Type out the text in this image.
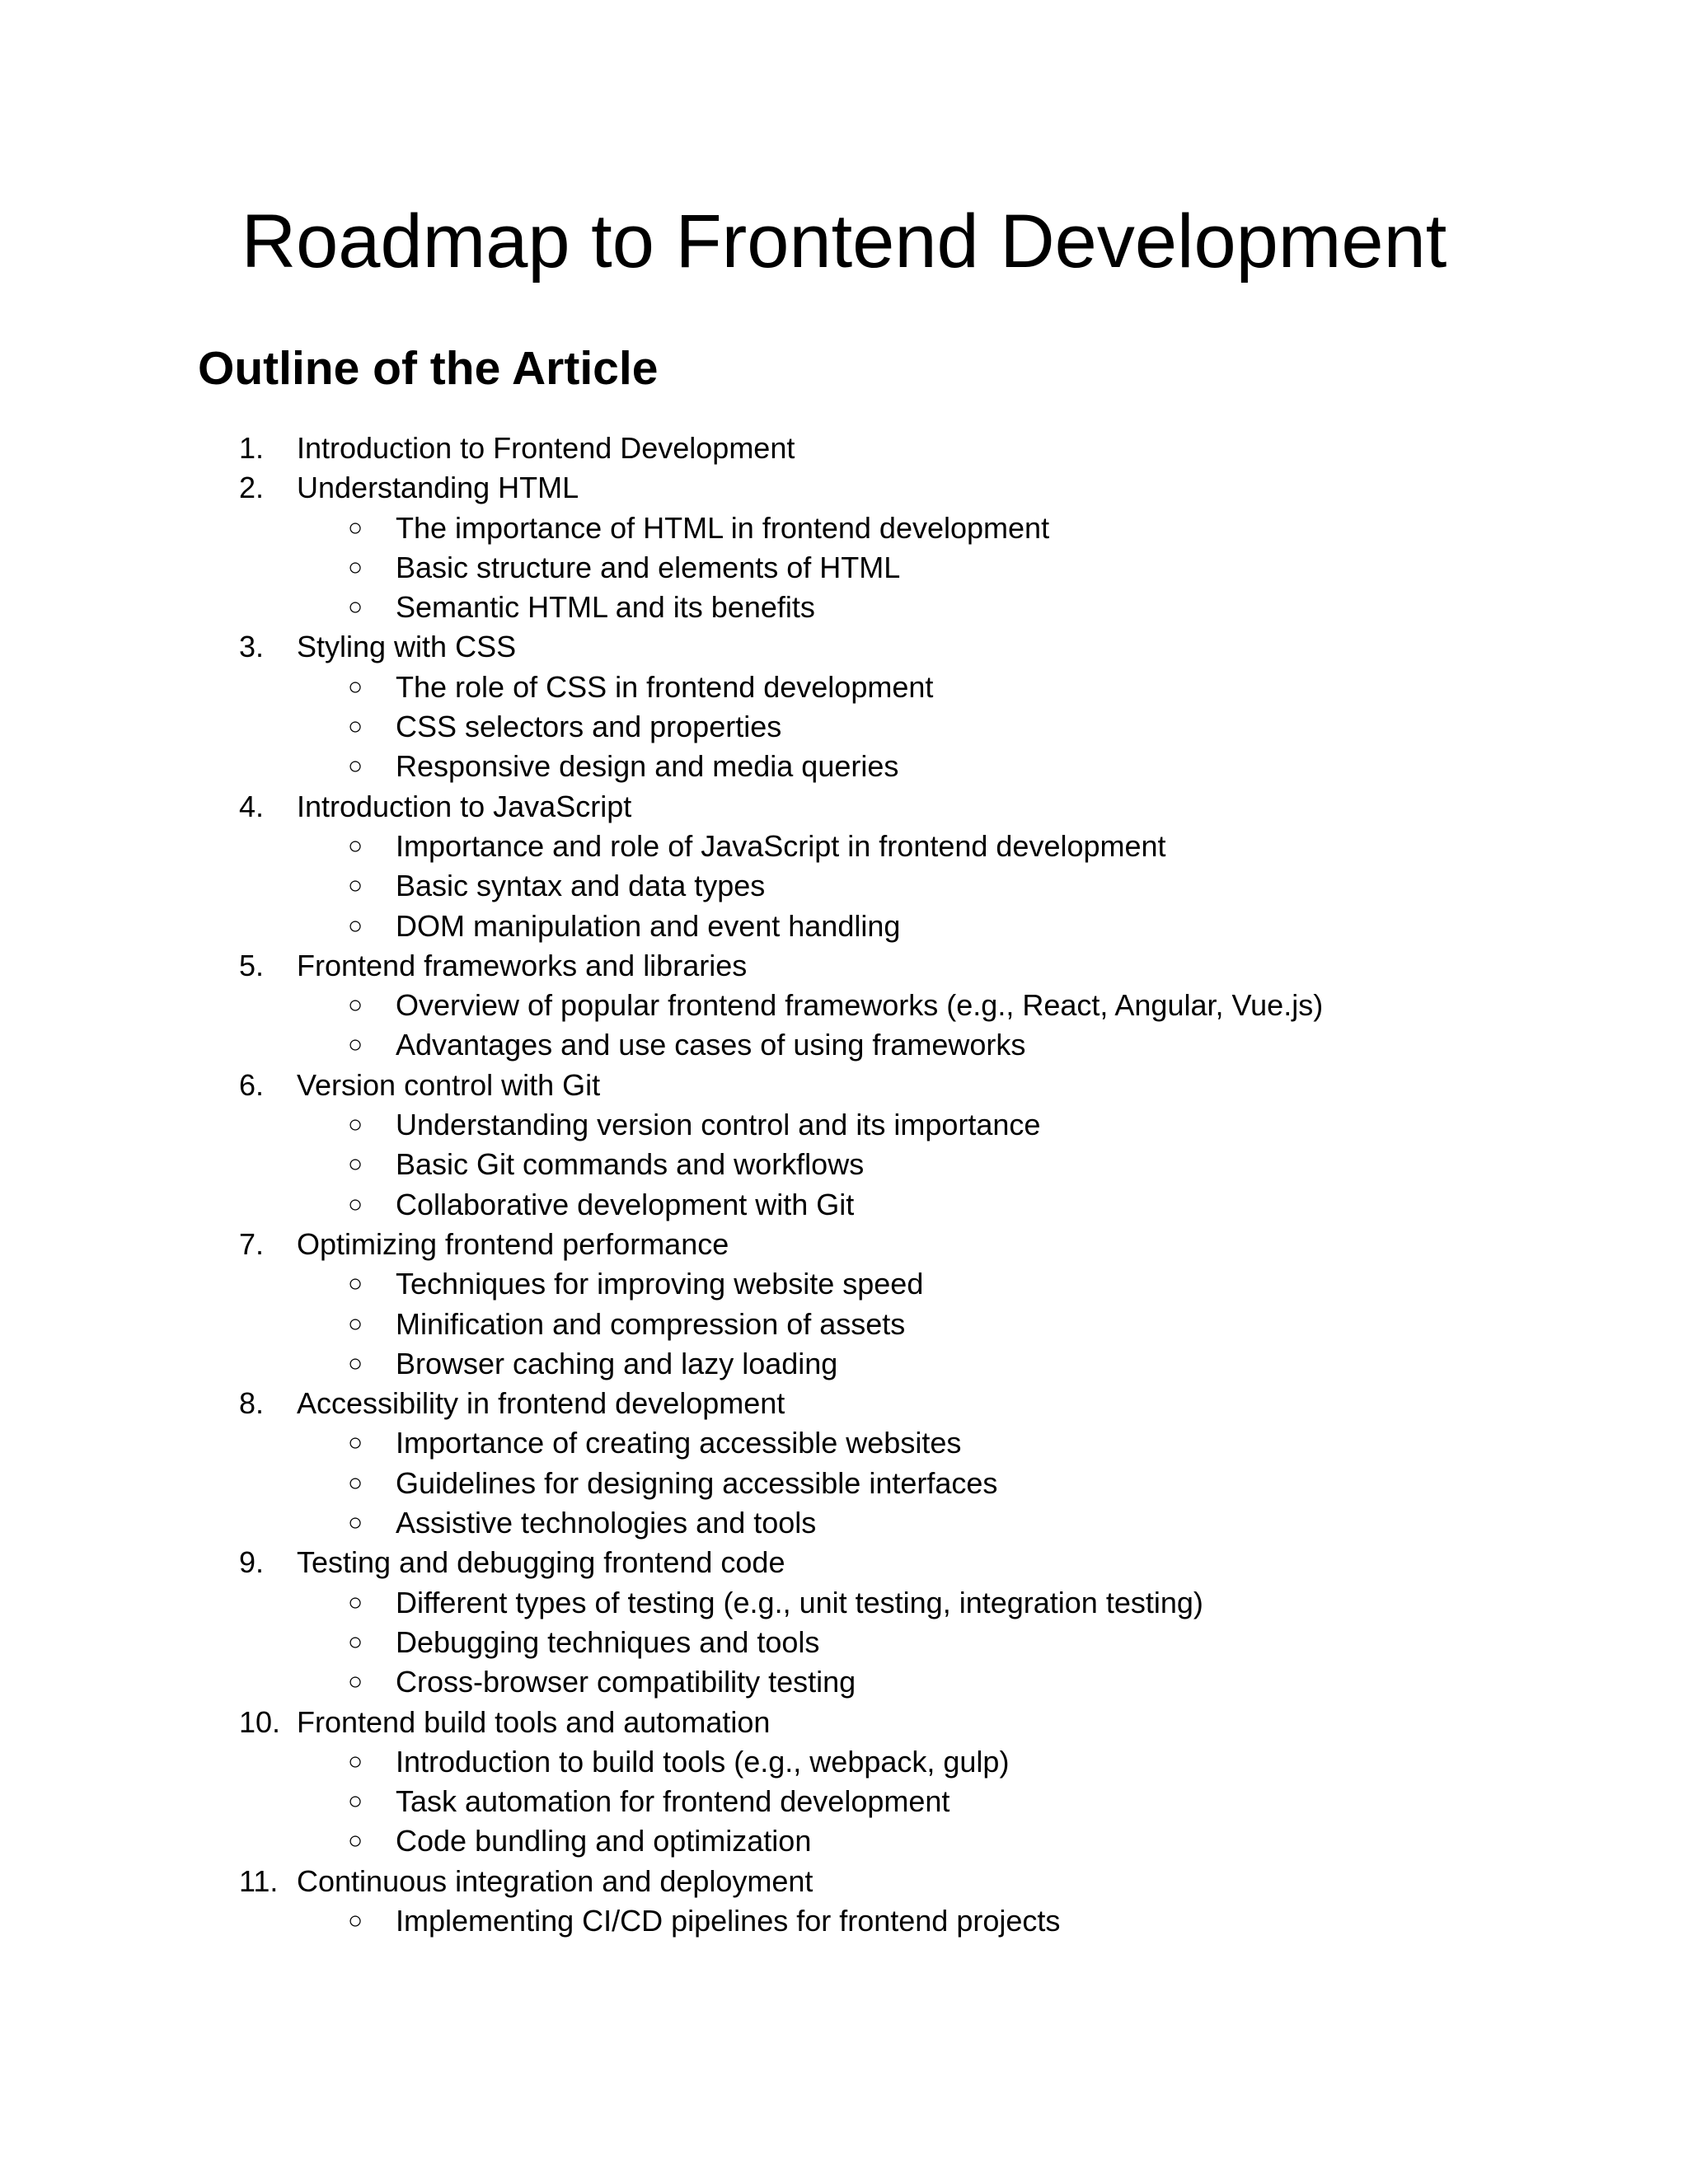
Roadmap to Frontend Development
Outline of the Article
1.	Introduction to Frontend Development
2.	Understanding HTML
○ The importance of HTML in frontend development
○ Basic structure and elements of HTML
○ Semantic HTML and its benefits
3.	Styling with CSS
○ The role of CSS in frontend development
○ CSS selectors and properties
○ Responsive design and media queries
4.	Introduction to JavaScript
○ Importance and role of JavaScript in frontend development
○ Basic syntax and data types
○ DOM manipulation and event handling
5.	Frontend frameworks and libraries
○ Overview of popular frontend frameworks (e.g., React, Angular, Vue.js)
○ Advantages and use cases of using frameworks
6.	Version control with Git
○ Understanding version control and its importance
○ Basic Git commands and workflows
○ Collaborative development with Git
7.	Optimizing frontend performance
○ Techniques for improving website speed
○ Minification and compression of assets
○ Browser caching and lazy loading
8.	Accessibility in frontend development
○ Importance of creating accessible websites
○ Guidelines for designing accessible interfaces
○ Assistive technologies and tools
9.	Testing and debugging frontend code
○ Different types of testing (e.g., unit testing, integration testing)
○ Debugging techniques and tools
○ Cross-browser compatibility testing
10. Frontend build tools and automation
○ Introduction to build tools (e.g., webpack, gulp)
○ Task automation for frontend development
○ Code bundling and optimization
11. Continuous integration and deployment
○ Implementing CI/CD pipelines for frontend projects
